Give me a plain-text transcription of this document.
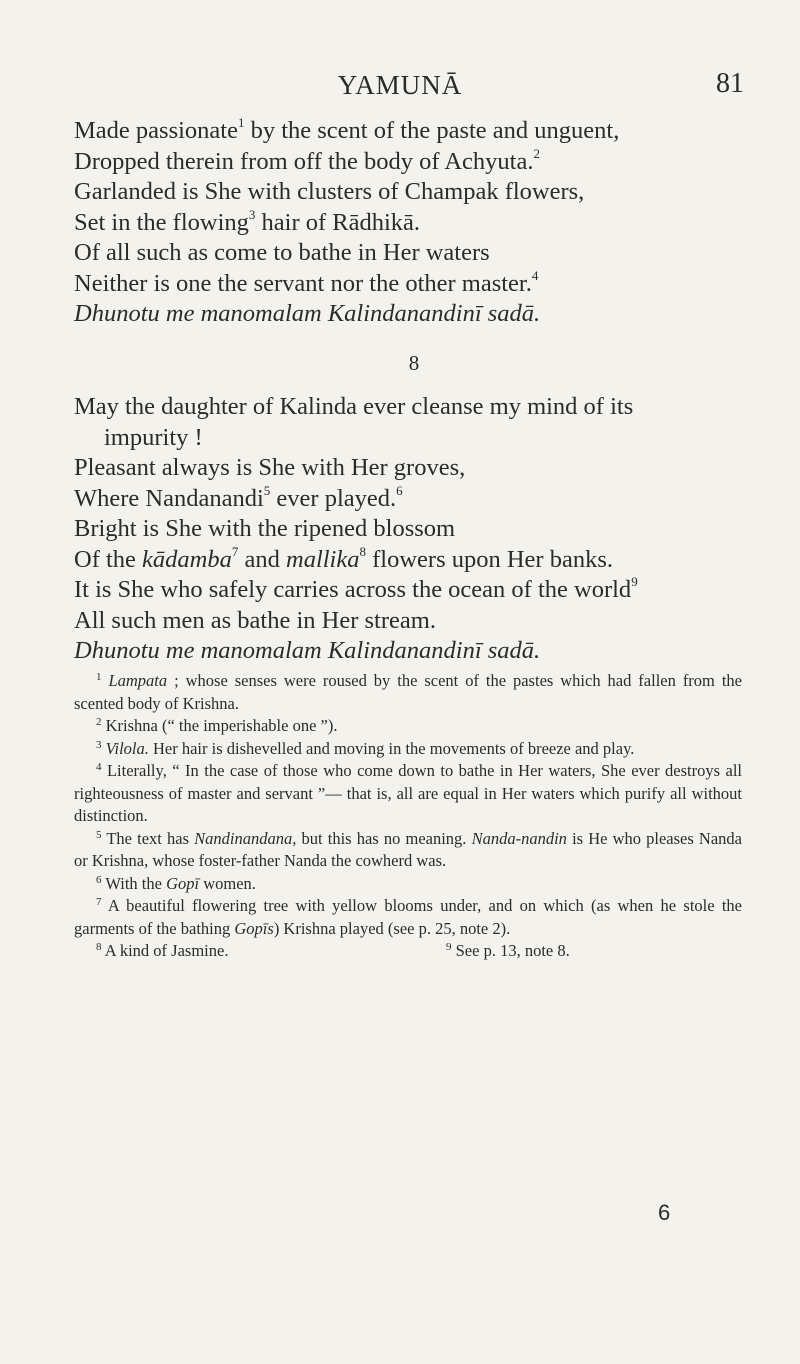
YAMUNĀ	81
Made passionate$^1$ by the scent of the paste and unguent,
Dropped therein from off the body of Achyuta.$^2$
Garlanded is She with clusters of Champak flowers,
Set in the flowing$^3$ hair of Rādhikā.
Of all such as come to bathe in Her waters
Neither is one the servant nor the other master.$^4$
Dhunotu me manomalam Kalindanandinī sadā.
8
May the daughter of Kalinda ever cleanse my mind of its
impurity !
Pleasant always is She with Her groves,
Where Nandanandi$^5$ ever played.$^6$
Bright is She with the ripened blossom
Of the kādamba$^7$ and mallika$^8$ flowers upon Her banks.
It is She who safely carries across the ocean of the world$^9$
All such men as bathe in Her stream.
Dhunotu me manomalam Kalindanandinī sadā.
$^1$ Lampata ; whose senses were roused by the scent of the pastes which had fallen from the scented body of Krishna.
$^2$ Krishna (“ the imperishable one ”).
$^3$ Vilola. Her hair is dishevelled and moving in the movements of breeze and play.
$^4$ Literally, “ In the case of those who come down to bathe in Her waters, She ever destroys all righteousness of master and servant ”— that is, all are equal in Her waters which purify all without distinction.
$^5$ The text has Nandinandana, but this has no meaning. Nanda-nandin is He who pleases Nanda or Krishna, whose foster-father Nanda the cowherd was.
$^6$ With the Gopī women.
$^7$ A beautiful flowering tree with yellow blooms under, and on which (as when he stole the garments of the bathing Gopīs) Krishna played (see p. 25, note 2).
$^8$ A kind of Jasmine.	$^9$ See p. 13, note 8.
6
